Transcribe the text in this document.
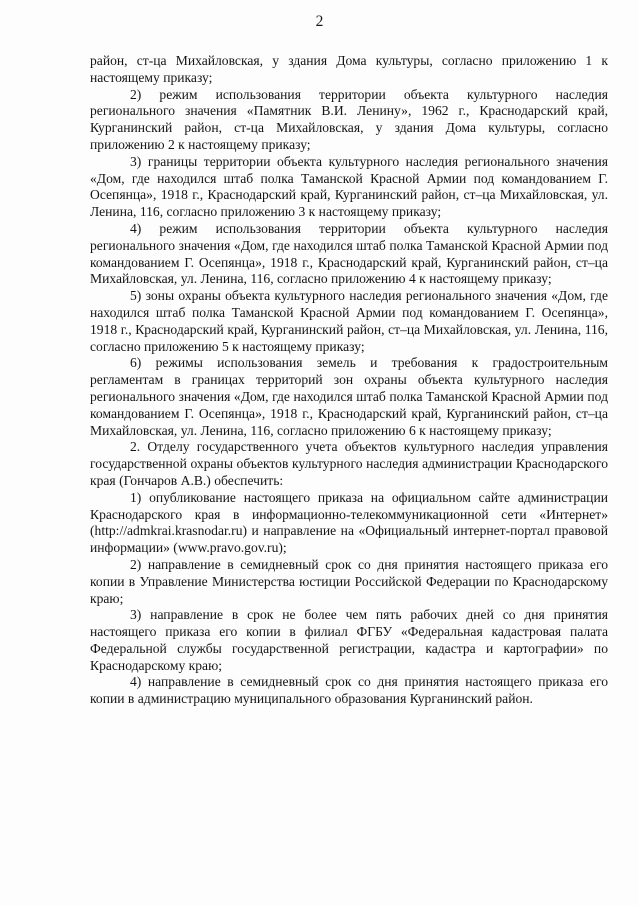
2

район, ст-ца Михайловская, у здания Дома культуры, согласно приложению 1 к настоящему приказу;

2) режим использования территории объекта культурного наследия регионального значения «Памятник В.И. Ленину», 1962 г., Краснодарский край, Курганинский район, ст-ца Михайловская, у здания Дома культуры, согласно приложению 2 к настоящему приказу;

3) границы территории объекта культурного наследия регионального значения «Дом, где находился штаб полка Таманской Красной Армии под командованием Г. Осепянца», 1918 г., Краснодарский край, Курганинский район, ст–ца Михайловская, ул. Ленина, 116, согласно приложению 3 к настоящему приказу;

4) режим использования территории объекта культурного наследия регионального значения «Дом, где находился штаб полка Таманской Красной Армии под командованием Г. Осепянца», 1918 г., Краснодарский край, Курганинский район, ст–ца Михайловская, ул. Ленина, 116, согласно приложению 4 к настоящему приказу;

5) зоны охраны объекта культурного наследия регионального значения «Дом, где находился штаб полка Таманской Красной Армии под командованием Г. Осепянца», 1918 г., Краснодарский край, Курганинский район, ст–ца Михайловская, ул. Ленина, 116, согласно приложению 5 к настоящему приказу;

6) режимы использования земель и требования к градостроительным регламентам в границах территорий зон охраны объекта культурного наследия регионального значения «Дом, где находился штаб полка Таманской Красной Армии под командованием Г. Осепянца», 1918 г., Краснодарский край, Курганинский район, ст–ца Михайловская, ул. Ленина, 116, согласно приложению 6 к настоящему приказу;

2. Отделу государственного учета объектов культурного наследия управления государственной охраны объектов культурного наследия администрации Краснодарского края (Гончаров А.В.) обеспечить:

1) опубликование настоящего приказа на официальном сайте администрации Краснодарского края в информационно-телекоммуникационной сети «Интернет» (http://admkrai.krasnodar.ru) и направление на «Официальный интернет-портал правовой информации» (www.pravo.gov.ru);

2) направление в семидневный срок со дня принятия настоящего приказа его копии в Управление Министерства юстиции Российской Федерации по Краснодарскому краю;

3) направление в срок не более чем пять рабочих дней со дня принятия настоящего приказа его копии в филиал ФГБУ «Федеральная кадастровая палата Федеральной службы государственной регистрации, кадастра и картографии» по Краснодарскому краю;

4) направление в семидневный срок со дня принятия настоящего приказа его копии в администрацию муниципального образования Курганинский район.
